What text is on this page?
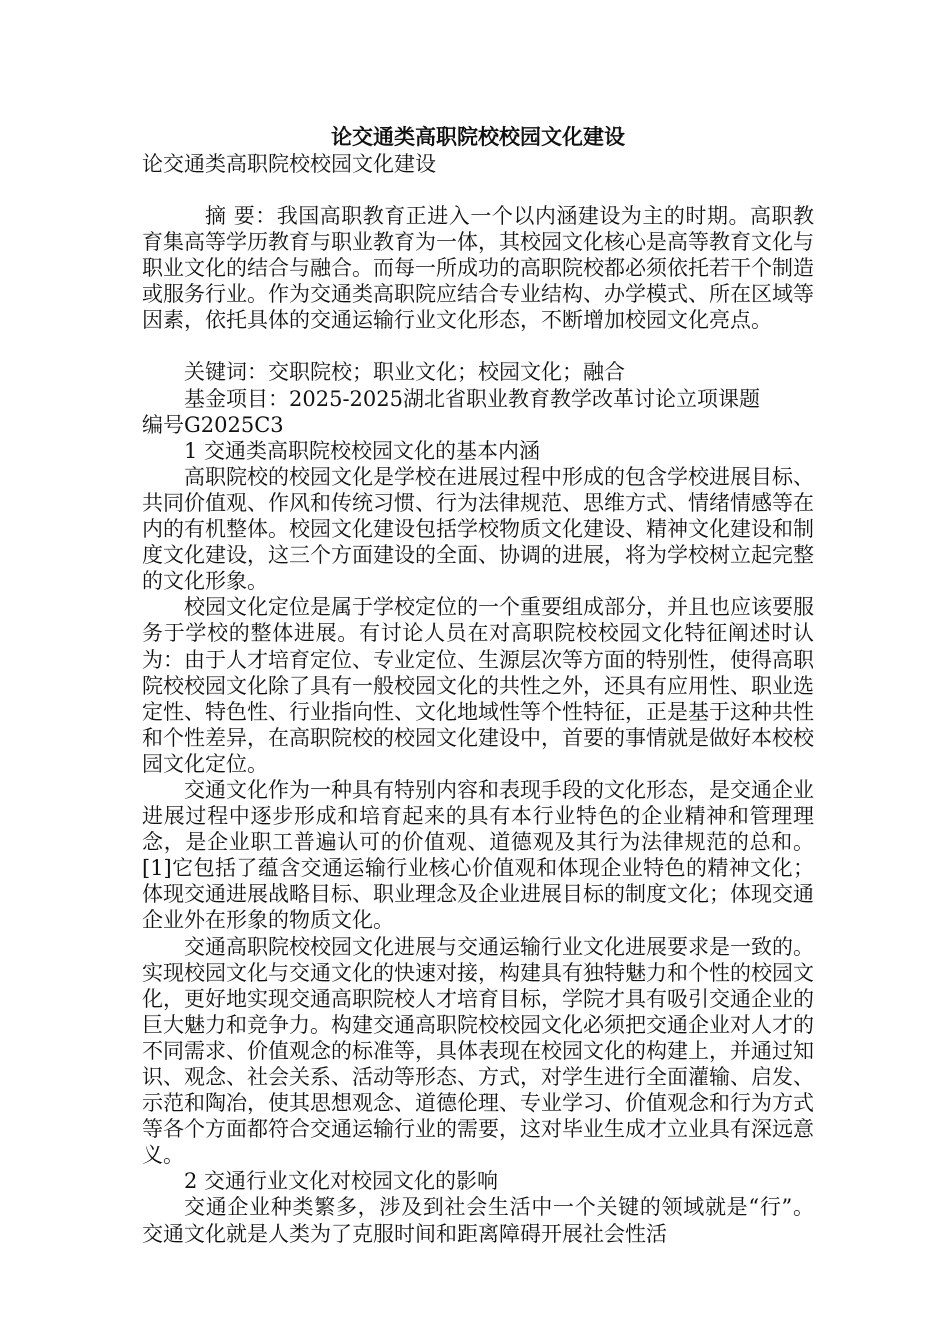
论交通类高职院校校园文化建设

论交通类高职院校校园文化建设

摘 要：我国高职教育正进入一个以内涵建设为主的时期。高职教育集高等学历教育与职业教育为一体，其校园文化核心是高等教育文化与职业文化的结合与融合。而每一所成功的高职院校都必须依托若干个制造或服务行业。作为交通类高职院应结合专业结构、办学模式、所在区域等因素，依托具体的交通运输行业文化形态，不断增加校园文化亮点。

关键词：交职院校；职业文化；校园文化；融合

基金项目：2025-2025湖北省职业教育教学改革讨论立项课题

编号G2025C3

1 交通类高职院校校园文化的基本内涵

高职院校的校园文化是学校在进展过程中形成的包含学校进展目标、共同价值观、作风和传统习惯、行为法律规范、思维方式、情绪情感等在内的有机整体。校园文化建设包括学校物质文化建设、精神文化建设和制度文化建设，这三个方面建设的全面、协调的进展，将为学校树立起完整的文化形象。

校园文化定位是属于学校定位的一个重要组成部分，并且也应该要服务于学校的整体进展。有讨论人员在对高职院校校园文化特征阐述时认为：由于人才培育定位、专业定位、生源层次等方面的特别性，使得高职院校校园文化除了具有一般校园文化的共性之外，还具有应用性、职业选定性、特色性、行业指向性、文化地域性等个性特征，正是基于这种共性和个性差异，在高职院校的校园文化建设中，首要的事情就是做好本校校园文化定位。

交通文化作为一种具有特别内容和表现手段的文化形态，是交通企业进展过程中逐步形成和培育起来的具有本行业特色的企业精神和管理理念，是企业职工普遍认可的价值观、道德观及其行为法律规范的总和。[1]它包括了蕴含交通运输行业核心价值观和体现企业特色的精神文化；体现交通进展战略目标、职业理念及企业进展目标的制度文化；体现交通企业外在形象的物质文化。

交通高职院校校园文化进展与交通运输行业文化进展要求是一致的。实现校园文化与交通文化的快速对接，构建具有独特魅力和个性的校园文化，更好地实现交通高职院校人才培育目标，学院才具有吸引交通企业的巨大魅力和竞争力。构建交通高职院校校园文化必须把交通企业对人才的不同需求、价值观念的标准等，具体表现在校园文化的构建上，并通过知识、观念、社会关系、活动等形态、方式，对学生进行全面灌输、启发、示范和陶冶，使其思想观念、道德伦理、专业学习、价值观念和行为方式等各个方面都符合交通运输行业的需要，这对毕业生成才立业具有深远意义。

2 交通行业文化对校园文化的影响

交通企业种类繁多，涉及到社会生活中一个关键的领域就是“行”。交通文化就是人类为了克服时间和距离障碍开展社会性活
